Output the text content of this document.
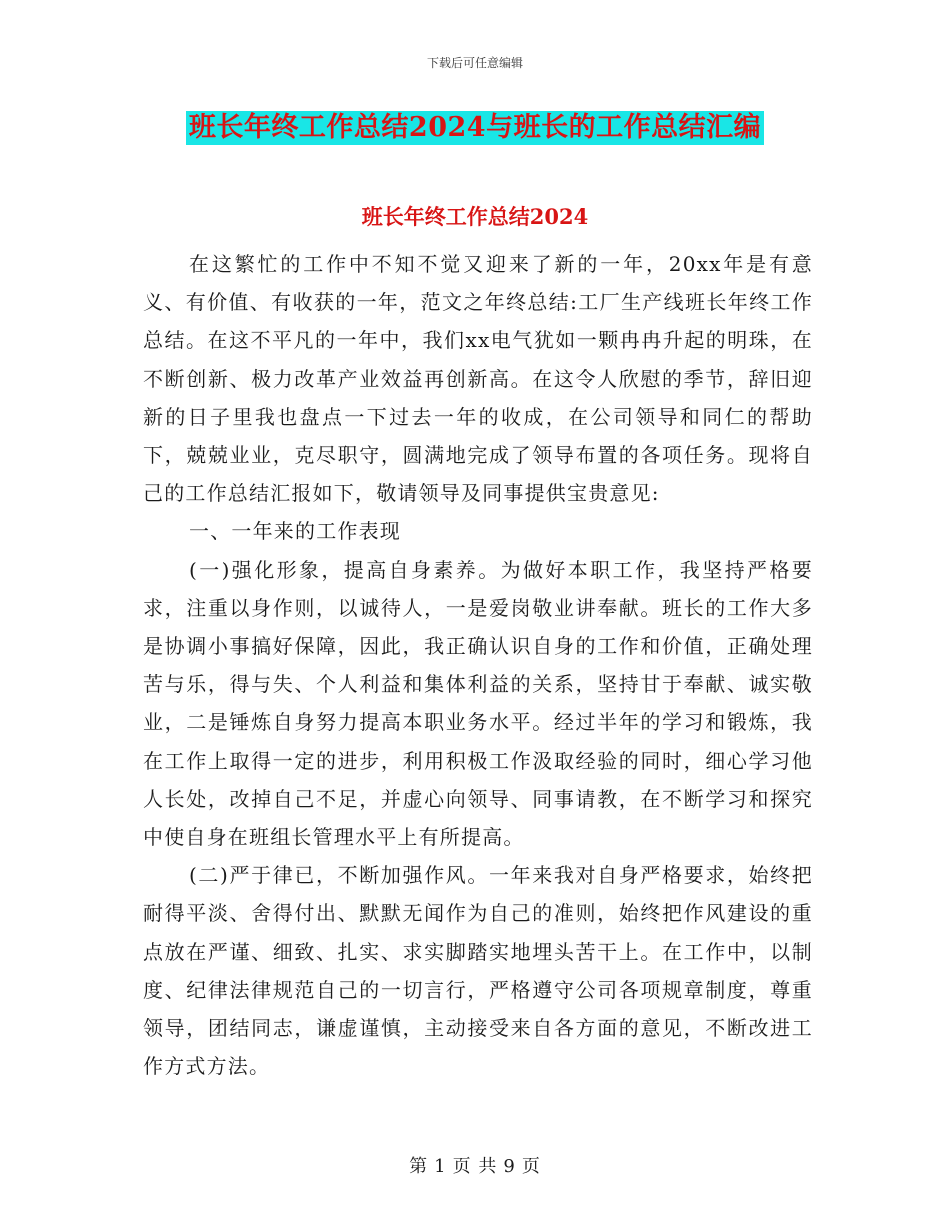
下载后可任意编辑
班长年终工作总结2024与班长的工作总结汇编
班长年终工作总结2024

在这繁忙的工作中不知不觉又迎来了新的一年，20xx年是有意义、有价值、有收获的一年，范文之年终总结:工厂生产线班长年终工作总结。在这不平凡的一年中，我们xx电气犹如一颗冉冉升起的明珠，在不断创新、极力改革产业效益再创新高。在这令人欣慰的季节，辞旧迎新的日子里我也盘点一下过去一年的收成，在公司领导和同仁的帮助下，兢兢业业，克尽职守，圆满地完成了领导布置的各项任务。现将自己的工作总结汇报如下，敬请领导及同事提供宝贵意见:

一、一年来的工作表现

(一)强化形象，提高自身素养。为做好本职工作，我坚持严格要求，注重以身作则，以诚待人，一是爱岗敬业讲奉献。班长的工作大多是协调小事搞好保障，因此，我正确认识自身的工作和价值，正确处理苦与乐，得与失、个人利益和集体利益的关系，坚持甘于奉献、诚实敬业，二是锤炼自身努力提高本职业务水平。经过半年的学习和锻炼，我在工作上取得一定的进步，利用积极工作汲取经验的同时，细心学习他人长处，改掉自己不足，并虚心向领导、同事请教，在不断学习和探究中使自身在班组长管理水平上有所提高。

(二)严于律已，不断加强作风。一年来我对自身严格要求，始终把耐得平淡、舍得付出、默默无闻作为自己的准则，始终把作风建设的重点放在严谨、细致、扎实、求实脚踏实地埋头苦干上。在工作中，以制度、纪律法律规范自己的一切言行，严格遵守公司各项规章制度，尊重领导，团结同志，谦虚谨慎，主动接受来自各方面的意见，不断改进工作方式方法。

第 1 页 共 9 页
